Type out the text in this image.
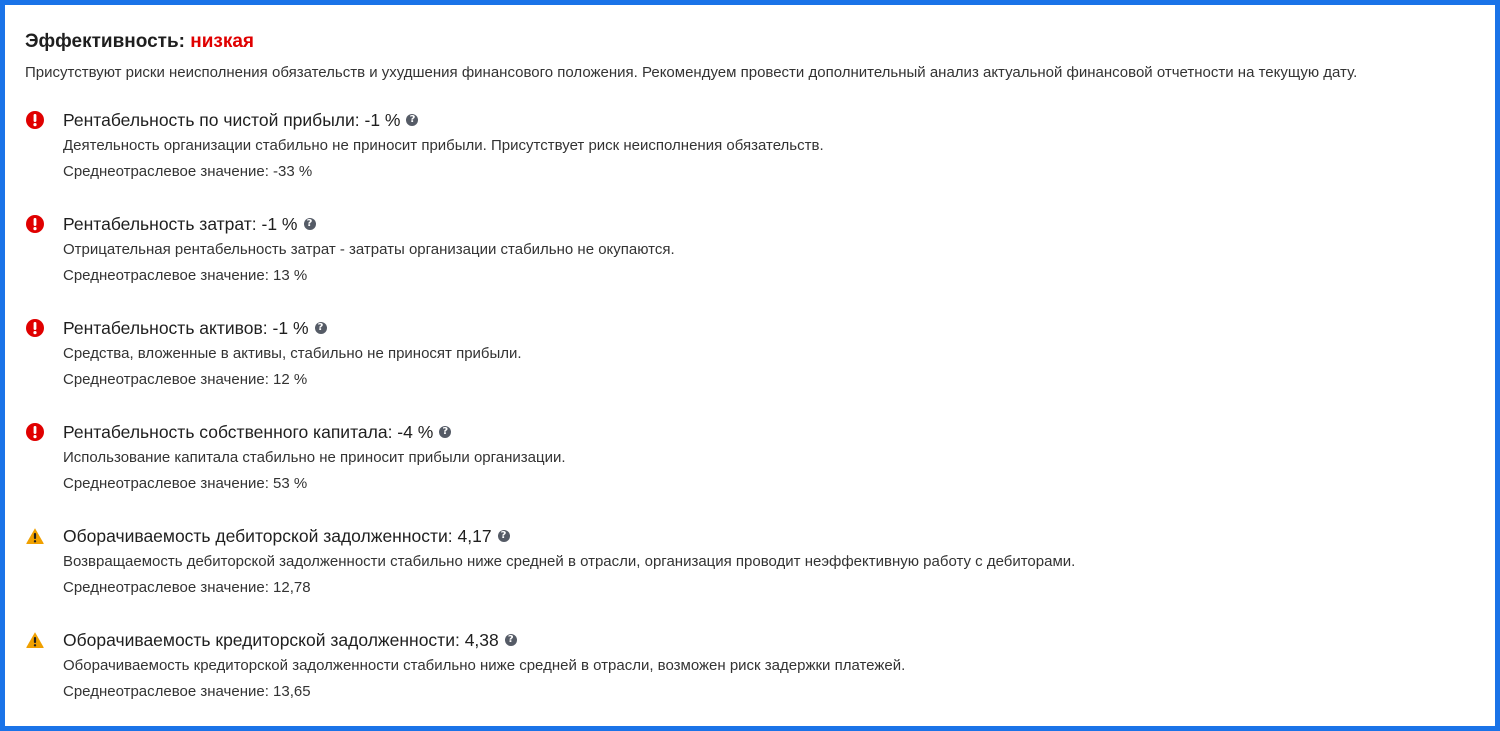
Эффективность: низкая
Присутствуют риски неисполнения обязательств и ухудшения финансового положения. Рекомендуем провести дополнительный анализ актуальной финансовой отчетности на текущую дату.
Рентабельность по чистой прибыли: -1 % ?
Деятельность организации стабильно не приносит прибыли. Присутствует риск неисполнения обязательств.
Среднеотраслевое значение: -33 %
Рентабельность затрат: -1 % ?
Отрицательная рентабельность затрат - затраты организации стабильно не окупаются.
Среднеотраслевое значение: 13 %
Рентабельность активов: -1 % ?
Средства, вложенные в активы, стабильно не приносят прибыли.
Среднеотраслевое значение: 12 %
Рентабельность собственного капитала: -4 % ?
Использование капитала стабильно не приносит прибыли организации.
Среднеотраслевое значение: 53 %
Оборачиваемость дебиторской задолженности: 4,17 ?
Возвращаемость дебиторской задолженности стабильно ниже средней в отрасли, организация проводит неэффективную работу с дебиторами.
Среднеотраслевое значение: 12,78
Оборачиваемость кредиторской задолженности: 4,38 ?
Оборачиваемость кредиторской задолженности стабильно ниже средней в отрасли, возможен риск задержки платежей.
Среднеотраслевое значение: 13,65
